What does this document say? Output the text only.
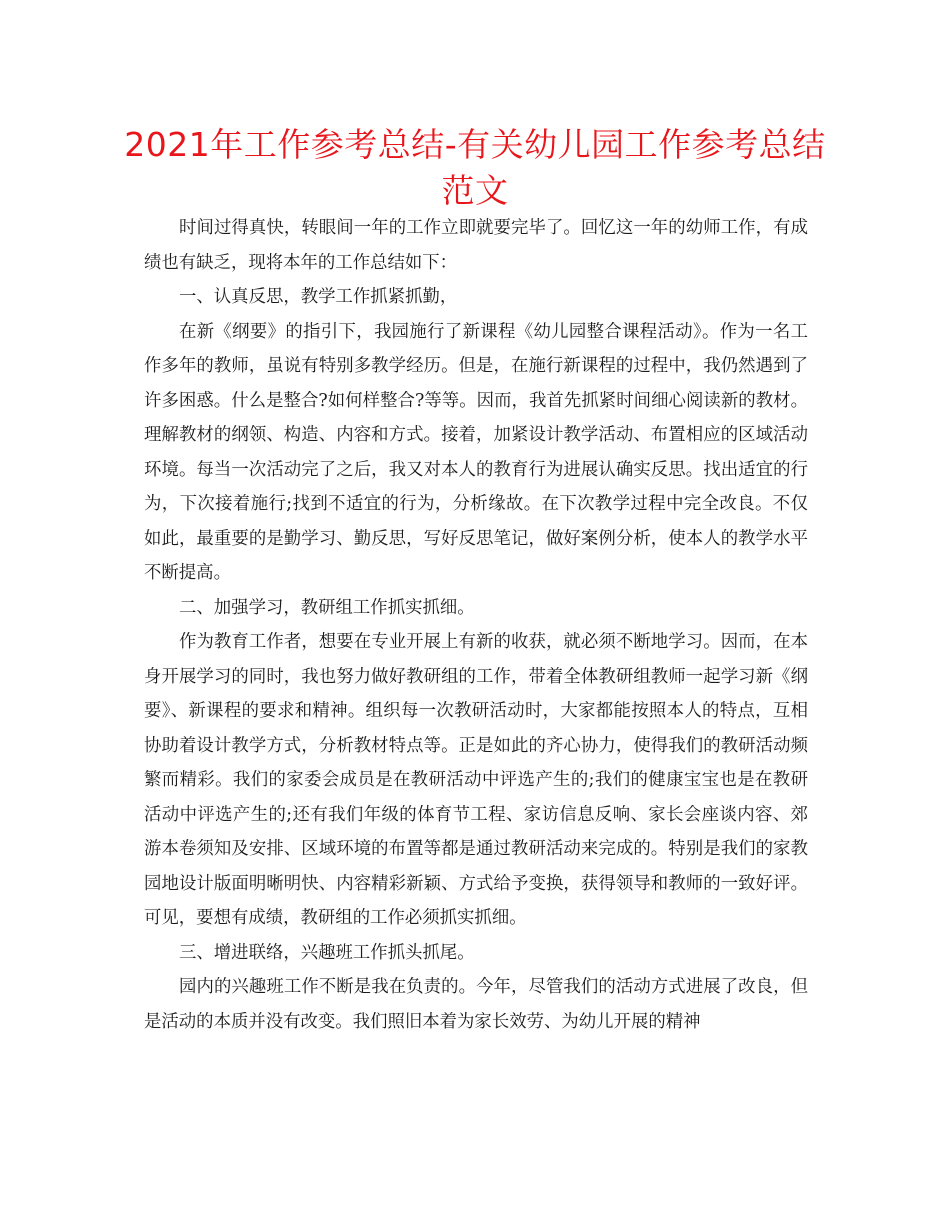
2021年工作参考总结-有关幼儿园工作参考总结范文

时间过得真快，转眼间一年的工作立即就要完毕了。回忆这一年的幼师工作，有成绩也有缺乏，现将本年的工作总结如下：

一、认真反思，教学工作抓紧抓勤，

在新《纲要》的指引下，我园施行了新课程《幼儿园整合课程活动》。作为一名工作多年的教师，虽说有特别多教学经历。但是，在施行新课程的过程中，我仍然遇到了许多困惑。什么是整合?如何样整合?等等。因而，我首先抓紧时间细心阅读新的教材。理解教材的纲领、构造、内容和方式。接着，加紧设计教学活动、布置相应的区域活动环境。每当一次活动完了之后，我又对本人的教育行为进展认确实反思。找出适宜的行为，下次接着施行;找到不适宜的行为，分析缘故。在下次教学过程中完全改良。不仅如此，最重要的是勤学习、勤反思，写好反思笔记，做好案例分析，使本人的教学水平不断提高。

二、加强学习，教研组工作抓实抓细。

作为教育工作者，想要在专业开展上有新的收获，就必须不断地学习。因而，在本身开展学习的同时，我也努力做好教研组的工作，带着全体教研组教师一起学习新《纲要》、新课程的要求和精神。组织每一次教研活动时，大家都能按照本人的特点，互相协助着设计教学方式，分析教材特点等。正是如此的齐心协力，使得我们的教研活动频繁而精彩。我们的家委会成员是在教研活动中评选产生的;我们的健康宝宝也是在教研活动中评选产生的;还有我们年级的体育节工程、家访信息反响、家长会座谈内容、郊游本卷须知及安排、区域环境的布置等都是通过教研活动来完成的。特别是我们的家教园地设计版面明晰明快、内容精彩新颖、方式给予变换，获得领导和教师的一致好评。可见，要想有成绩，教研组的工作必须抓实抓细。

三、增进联络，兴趣班工作抓头抓尾。

园内的兴趣班工作不断是我在负责的。今年，尽管我们的活动方式进展了改良，但是活动的本质并没有改变。我们照旧本着为家长效劳、为幼儿开展的精神
